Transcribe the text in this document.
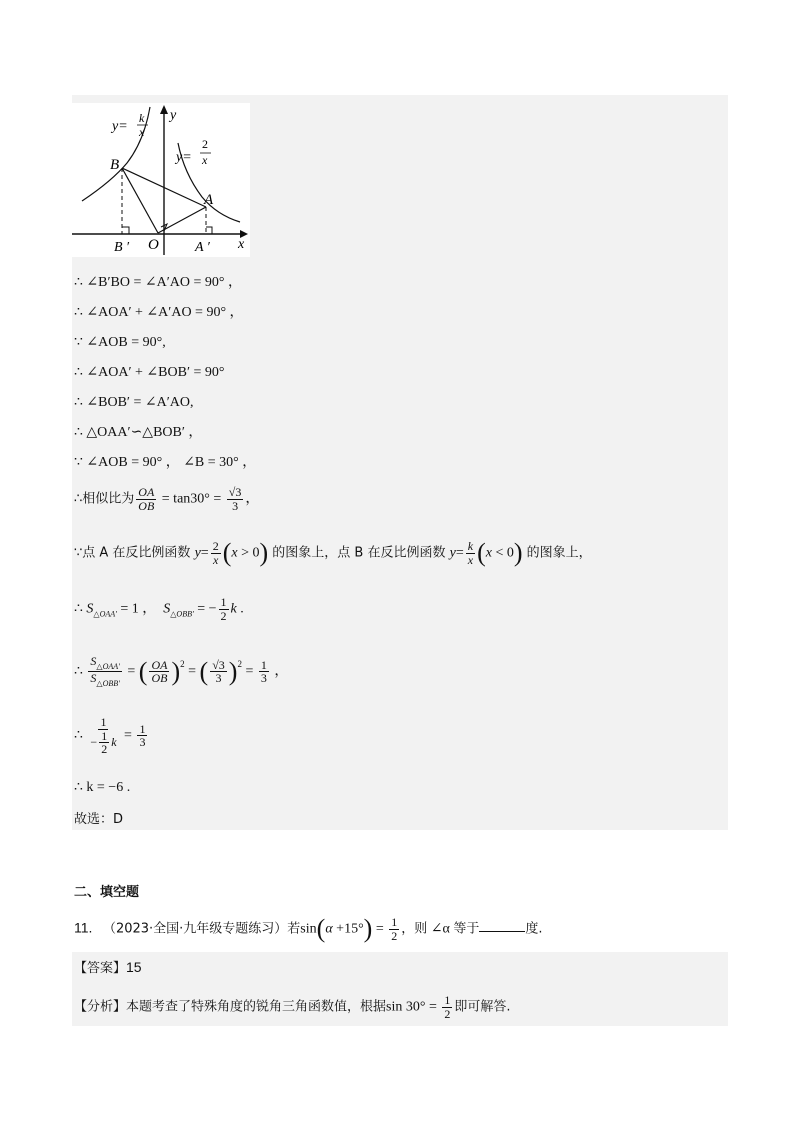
y=
k
x
y=
2
x
y
x
B
A
O
B ′	A ′
∴ ∠B′BO = ∠A′AO = 90° ，
∴ ∠AOA′ + ∠A′AO = 90° ，
∵ ∠AOB = 90°,
∴ ∠AOA′ + ∠BOB′ = 90°
∴ ∠BOB′ = ∠A′AO,
∴ △OAA′∽△BOB′ ，
∵ ∠AOB = 90° ， ∠B = 30° ，
∴相似比为 $\frac{OA}{OB} = \tan 30^\circ = \frac{√3}{3}$ ，
∵点 A 在反比例函数 $y= \frac{2}{x} (x > 0)$ 的图象上，点 B 在反比例函数 $y= \frac{k}{x} (x < 0)$ 的图象上，
∴ $S_{\triangle OAA'} = 1$ ，  $S_{\triangle OBB'}$ = − $\frac{1}{2}$ k .
∴ $\frac{S_{\triangle OAA'}}{S_{\triangle OBB'}}$ = ( $\frac{OA}{OB} )^2$ = ( $\frac{√3}{3} )^2 = \frac{1}{3}$ ，
∴ $\frac{1}{- \frac{1}{2} k} = \frac{1}{3}$
∴ k = −6 .
故选：D
二、填空题
11. （2023·全国·九年级专题练习）若$\sin(\alpha +15^\circ) = \frac{1}{2}$ ，则 ∠α 等于	度.
【答案】15
【分析】本题考查了特殊角度的锐角三角函数值，根据$\sin 30^\circ = \frac{1}{2}$ 即可解答.
